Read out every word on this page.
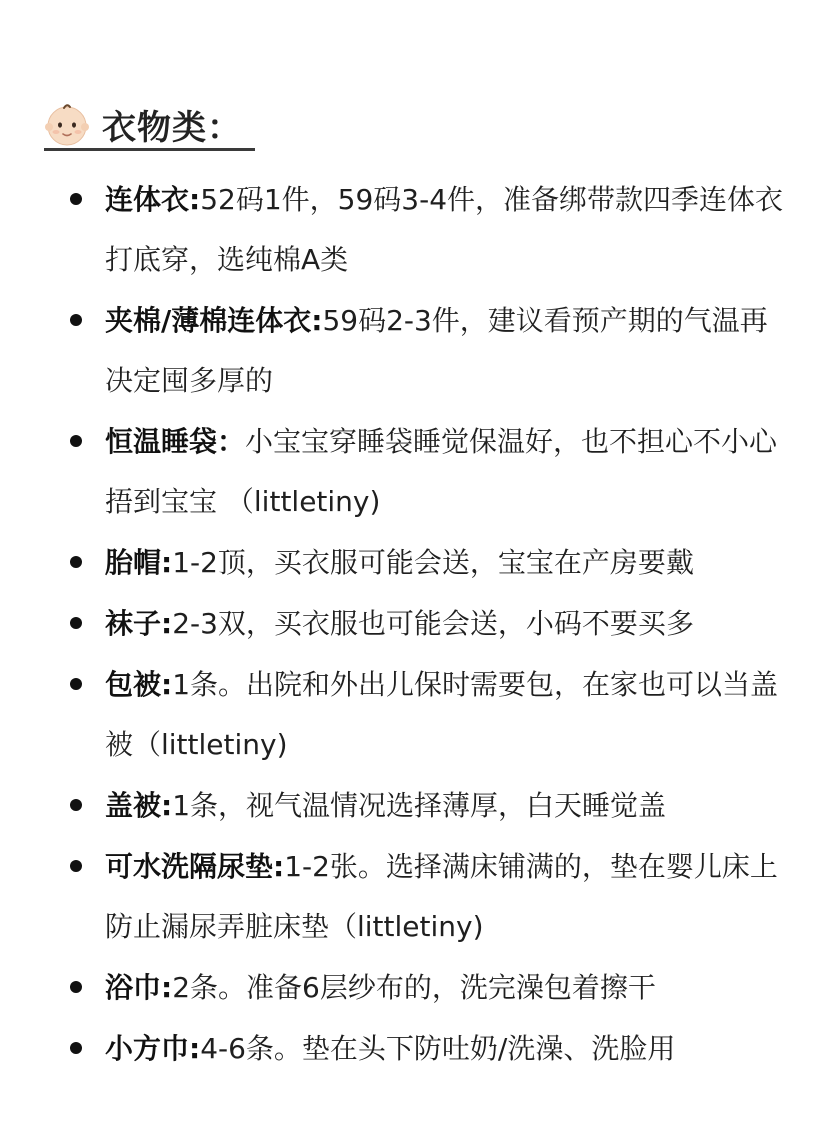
衣物类：
连体衣:52码1件，59码3-4件，准备绑带款四季连体衣打底穿，选纯棉A类
夹棉/薄棉连体衣:59码2-3件，建议看预产期的气温再决定囤多厚的
恒温睡袋：小宝宝穿睡袋睡觉保温好，也不担心不小心捂到宝宝 （littletiny)
胎帽:1-2顶，买衣服可能会送，宝宝在产房要戴
袜子:2-3双，买衣服也可能会送，小码不要买多
包被:1条。出院和外出儿保时需要包，在家也可以当盖被（littletiny)
盖被:1条，视气温情况选择薄厚，白天睡觉盖
可水洗隔尿垫:1-2张。选择满床铺满的，垫在婴儿床上防止漏尿弄脏床垫（littletiny)
浴巾:2条。准备6层纱布的，洗完澡包着擦干
小方巾:4-6条。垫在头下防吐奶/洗澡、洗脸用
